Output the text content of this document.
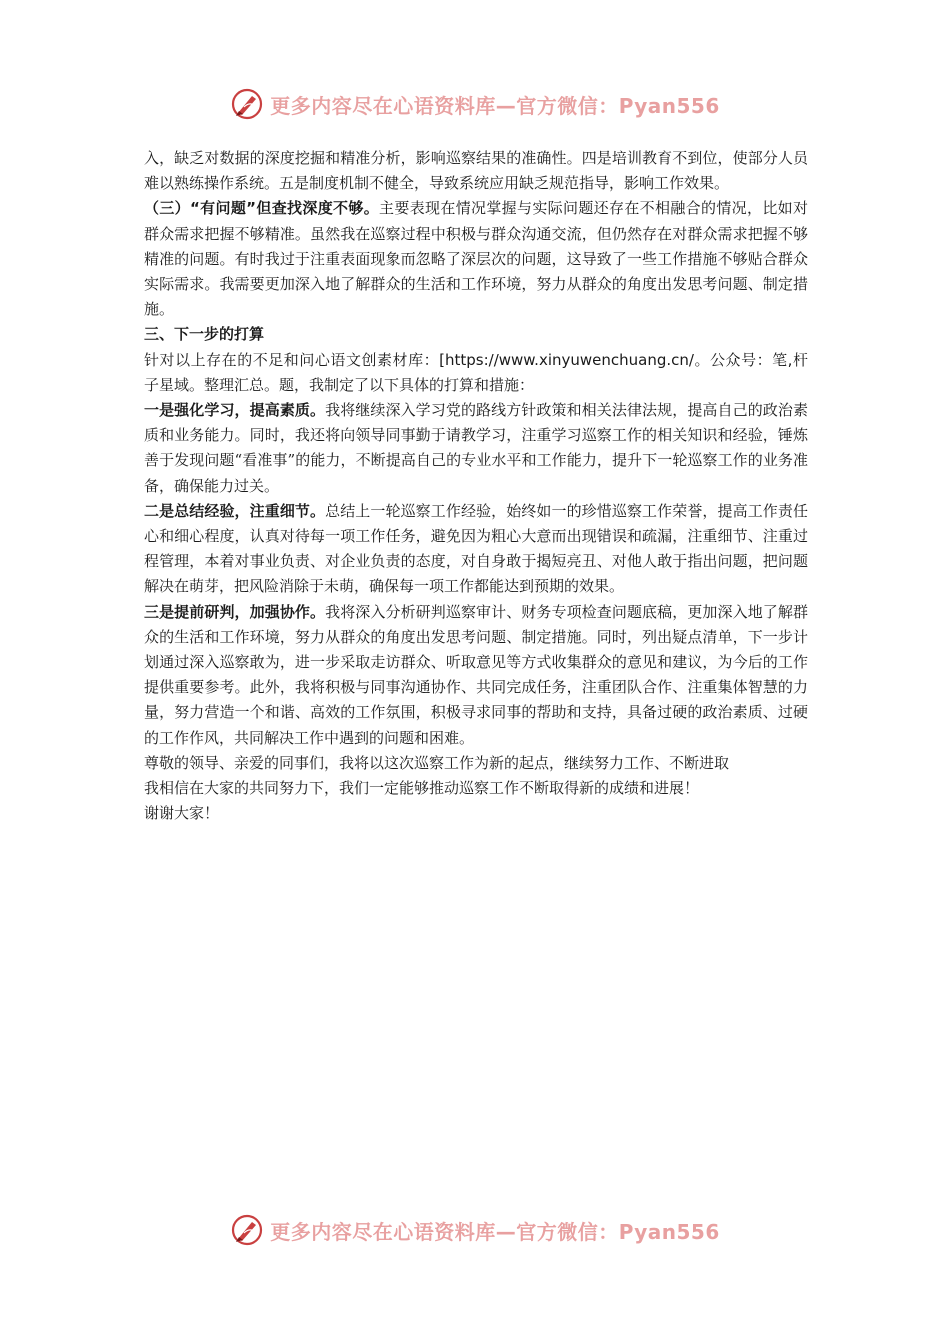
更多内容尽在心语资料库—官方微信：Pyan556

入，缺乏对数据的深度挖掘和精准分析，影响巡察结果的准确性。四是培训教育不到位，使部分人员难以熟练操作系统。五是制度机制不健全，导致系统应用缺乏规范指导，影响工作效果。

（三）“有问题”但查找深度不够。主要表现在情况掌握与实际问题还存在不相融合的情况，比如对群众需求把握不够精准。虽然我在巡察过程中积极与群众沟通交流，但仍然存在对群众需求把握不够精准的问题。有时我过于注重表面现象而忽略了深层次的问题，这导致了一些工作措施不够贴合群众实际需求。我需要更加深入地了解群众的生活和工作环境，努力从群众的角度出发思考问题、制定措施。

三、下一步的打算

针对以上存在的不足和问心语文创素材库：[https://www.xinyuwenchuang.cn/。公众号：笔,杆子星域。整理汇总。题，我制定了以下具体的打算和措施：

一是强化学习，提高素质。我将继续深入学习党的路线方针政策和相关法律法规，提高自己的政治素质和业务能力。同时，我还将向领导同事勤于请教学习，注重学习巡察工作的相关知识和经验，锤炼善于发现问题“看准事”的能力，不断提高自己的专业水平和工作能力，提升下一轮巡察工作的业务准备，确保能力过关。

二是总结经验，注重细节。总结上一轮巡察工作经验，始终如一的珍惜巡察工作荣誉，提高工作责任心和细心程度，认真对待每一项工作任务，避免因为粗心大意而出现错误和疏漏，注重细节、注重过程管理，本着对事业负责、对企业负责的态度，对自身敢于揭短亮丑、对他人敢于指出问题，把问题解决在萌芽，把风险消除于未萌，确保每一项工作都能达到预期的效果。

三是提前研判，加强协作。我将深入分析研判巡察审计、财务专项检查问题底稿，更加深入地了解群众的生活和工作环境，努力从群众的角度出发思考问题、制定措施。同时，列出疑点清单，下一步计划通过深入巡察敢为，进一步采取走访群众、听取意见等方式收集群众的意见和建议，为今后的工作提供重要参考。此外，我将积极与同事沟通协作、共同完成任务，注重团队合作、注重集体智慧的力量，努力营造一个和谐、高效的工作氛围，积极寻求同事的帮助和支持，具备过硬的政治素质、过硬的工作作风，共同解决工作中遇到的问题和困难。

尊敬的领导、亲爱的同事们，我将以这次巡察工作为新的起点，继续努力工作、不断进取

我相信在大家的共同努力下，我们一定能够推动巡察工作不断取得新的成绩和进展！

谢谢大家！

更多内容尽在心语资料库—官方微信：Pyan556
